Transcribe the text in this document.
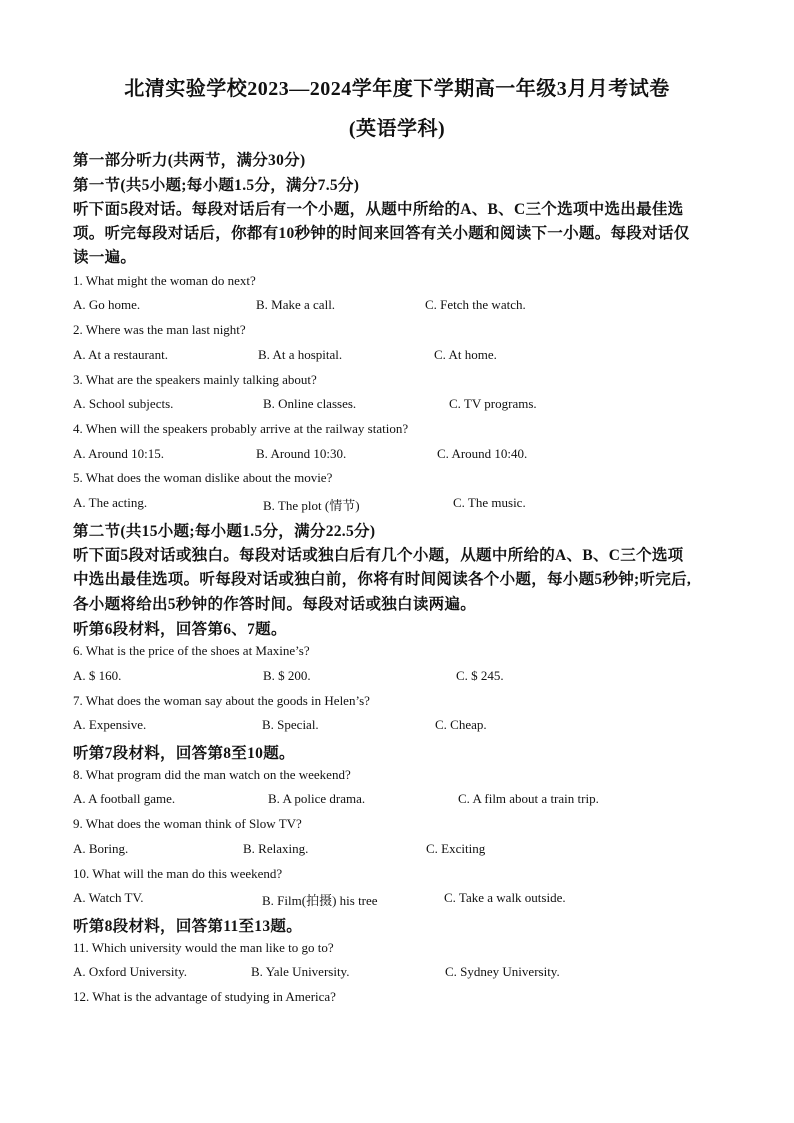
北清实验学校2023—2024学年度下学期高一年级3月月考试卷
(英语学科)
第一部分听力(共两节，满分30分)
第一节(共5小题;每小题1.5分，满分7.5分)
听下面5段对话。每段对话后有一个小题，从题中所给的A、B、C三个选项中选出最佳选
项。听完每段对话后，你都有10秒钟的时间来回答有关小题和阅读下一小题。每段对话仅
读一遍。
1. What might the woman do next?
A. Go home.	B. Make a call.	C. Fetch the watch.
2. Where was the man last night?
A. At a restaurant.	B. At a hospital.	C. At home.
3. What are the speakers mainly talking about?
A. School subjects.	B. Online classes.	C. TV programs.
4. When will the speakers probably arrive at the railway station?
A. Around 10:15.	B. Around 10:30.	C. Around 10:40.
5. What does the woman dislike about the movie?
A. The acting.	B. The plot (情节)	C. The music.
第二节(共15小题;每小题1.5分，满分22.5分)
听下面5段对话或独白。每段对话或独白后有几个小题，从题中所给的A、B、C三个选项
中选出最佳选项。听每段对话或独白前，你将有时间阅读各个小题，每小题5秒钟;听完后,
各小题将给出5秒钟的作答时间。每段对话或独白读两遍。
听第6段材料，回答第6、7题。
6. What is the price of the shoes at Maxine’s?
A. $ 160.	B. $ 200.	C. $ 245.
7. What does the woman say about the goods in Helen’s?
A. Expensive.	B. Special.	C. Cheap.
听第7段材料，回答第8至10题。
8. What program did the man watch on the weekend?
A. A football game.	B. A police drama.	C. A film about a train trip.
9. What does the woman think of Slow TV?
A. Boring.	B. Relaxing.	C. Exciting
10. What will the man do this weekend?
A. Watch TV.	B. Film(拍摄) his tree	C. Take a walk outside.
听第8段材料，回答第11至13题。
11. Which university would the man like to go to?
A. Oxford University.	B. Yale University.	C. Sydney University.
12. What is the advantage of studying in America?
